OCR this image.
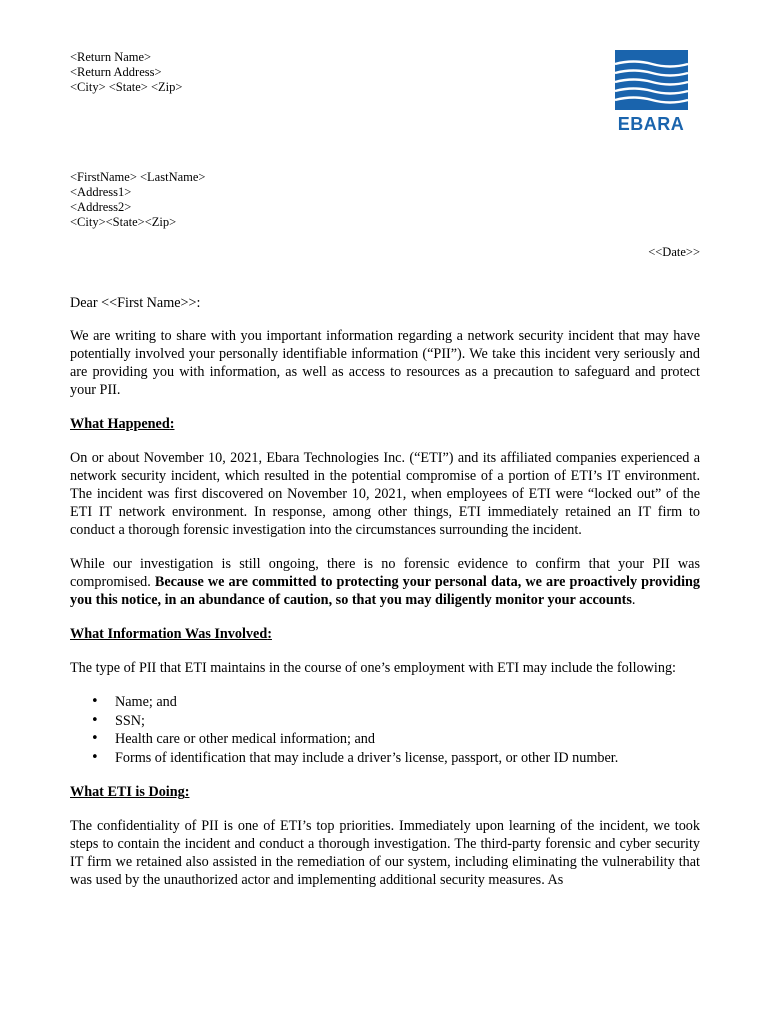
<Return Name>
<Return Address>
<City> <State> <Zip>
EBARA
<FirstName> <LastName>
<Address1>
<Address2>
<City><State><Zip>
<<Date>>

Dear <<First Name>>:

We are writing to share with you important information regarding a network security incident that may have potentially involved your personally identifiable information (“PII”). We take this incident very seriously and are providing you with information, as well as access to resources as a precaution to safeguard and protect your PII.

What Happened:

On or about November 10, 2021, Ebara Technologies Inc. (“ETI”) and its affiliated companies experienced a network security incident, which resulted in the potential compromise of a portion of ETI’s IT environment. The incident was first discovered on November 10, 2021, when employees of ETI were “locked out” of the ETI IT network environment. In response, among other things, ETI immediately retained an IT firm to conduct a thorough forensic investigation into the circumstances surrounding the incident.

While our investigation is still ongoing, there is no forensic evidence to confirm that your PII was compromised. Because we are committed to protecting your personal data, we are proactively providing you this notice, in an abundance of caution, so that you may diligently monitor your accounts.

What Information Was Involved:

The type of PII that ETI maintains in the course of one’s employment with ETI may include the following:

• Name; and
• SSN;
• Health care or other medical information; and
• Forms of identification that may include a driver’s license, passport, or other ID number.
What ETI is Doing:

The confidentiality of PII is one of ETI’s top priorities. Immediately upon learning of the incident, we took steps to contain the incident and conduct a thorough investigation. The third-party forensic and cyber security IT firm we retained also assisted in the remediation of our system, including eliminating the vulnerability that was used by the unauthorized actor and implementing additional security measures. As
